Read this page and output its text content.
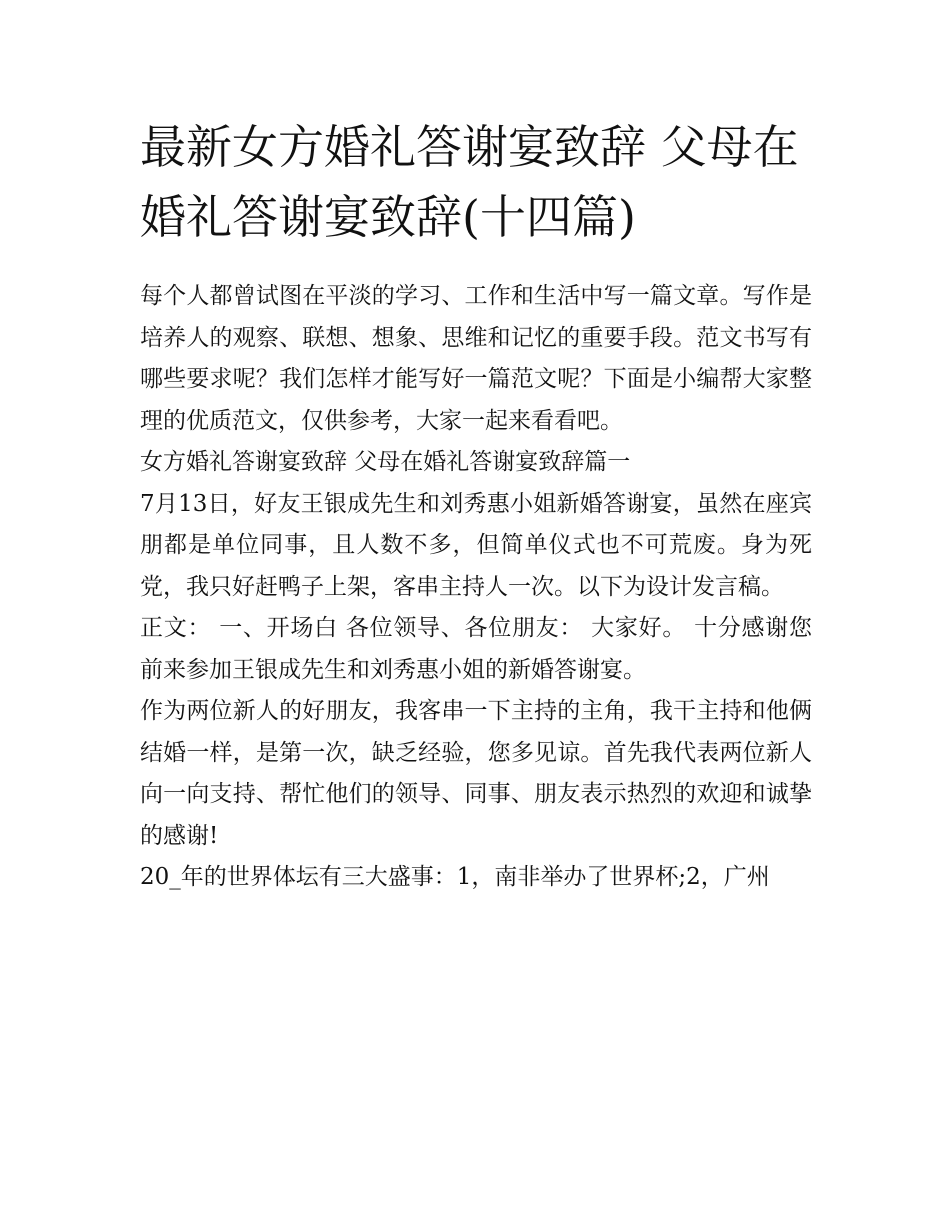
最新女方婚礼答谢宴致辞 父母在婚礼答谢宴致辞(十四篇)

每个人都曾试图在平淡的学习、工作和生活中写一篇文章。写作是培养人的观察、联想、想象、思维和记忆的重要手段。范文书写有哪些要求呢？我们怎样才能写好一篇范文呢？下面是小编帮大家整理的优质范文，仅供参考，大家一起来看看吧。

女方婚礼答谢宴致辞 父母在婚礼答谢宴致辞篇一

7月13日，好友王银成先生和刘秀惠小姐新婚答谢宴，虽然在座宾朋都是单位同事，且人数不多，但简单仪式也不可荒废。身为死党，我只好赶鸭子上架，客串主持人一次。以下为设计发言稿。

正文： 一、开场白 各位领导、各位朋友： 大家好。 十分感谢您前来参加王银成先生和刘秀惠小姐的新婚答谢宴。

作为两位新人的好朋友，我客串一下主持的主角，我干主持和他俩结婚一样，是第一次，缺乏经验，您多见谅。首先我代表两位新人向一向支持、帮忙他们的领导、同事、朋友表示热烈的欢迎和诚挚的感谢!

20_年的世界体坛有三大盛事：1，南非举办了世界杯;2，广州
